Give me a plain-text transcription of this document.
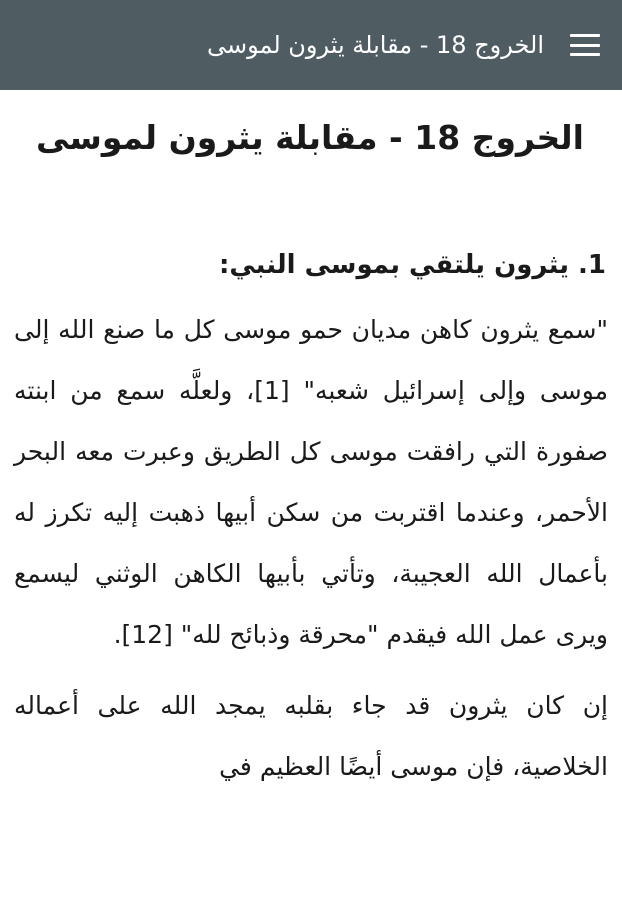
الخروج 18 - مقابلة يثرون لموسى
الخروج 18 - مقابلة يثرون لموسى
1. يثرون يلتقي بموسى النبي:

"سمع يثرون كاهن مديان حمو موسى كل ما صنع الله إلى موسى وإلى إسرائيل شعبه" [1]، ولعلَّه سمع من ابنته صفورة التي رافقت موسى كل الطريق وعبرت معه البحر الأحمر، وعندما اقتربت من سكن أبيها ذهبت إليه تكرز له بأعمال الله العجيبة، وتأتي بأبيها الكاهن الوثني ليسمع ويرى عمل الله فيقدم "محرقة وذبائح لله" [12].

إن كان يثرون قد جاء بقلبه يمجد الله على أعماله الخلاصية، فإن موسى أيضًا العظيم في
